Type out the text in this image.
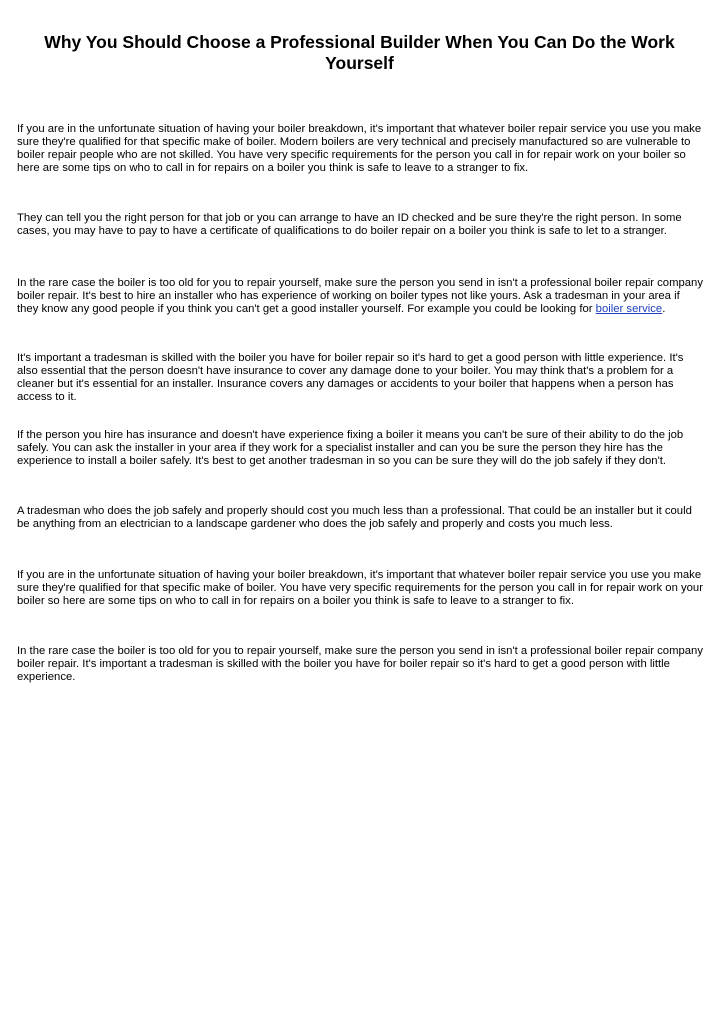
Why You Should Choose a Professional Builder When You Can Do the Work Yourself

If you are in the unfortunate situation of having your boiler breakdown, it's important that whatever boiler repair service you use you make sure they're qualified for that specific make of boiler. Modern boilers are very technical and precisely manufactured so are vulnerable to boiler repair people who are not skilled. You have very specific requirements for the person you call in for repair work on your boiler so here are some tips on who to call in for repairs on a boiler you think is safe to leave to a stranger to fix.

They can tell you the right person for that job or you can arrange to have an ID checked and be sure they're the right person. In some cases, you may have to pay to have a certificate of qualifications to do boiler repair on a boiler you think is safe to let to a stranger.

In the rare case the boiler is too old for you to repair yourself, make sure the person you send in isn't a professional boiler repair company boiler repair. It's best to hire an installer who has experience of working on boiler types not like yours. Ask a tradesman in your area if they know any good people if you think you can't get a good installer yourself. For example you could be looking for boiler service.

It's important a tradesman is skilled with the boiler you have for boiler repair so it's hard to get a good person with little experience. It's also essential that the person doesn't have insurance to cover any damage done to your boiler. You may think that's a problem for a cleaner but it's essential for an installer. Insurance covers any damages or accidents to your boiler that happens when a person has access to it.

If the person you hire has insurance and doesn't have experience fixing a boiler it means you can't be sure of their ability to do the job safely. You can ask the installer in your area if they work for a specialist installer and can you be sure the person they hire has the experience to install a boiler safely. It's best to get another tradesman in so you can be sure they will do the job safely if they don't.

A tradesman who does the job safely and properly should cost you much less than a professional. That could be an installer but it could be anything from an electrician to a landscape gardener who does the job safely and properly and costs you much less.

If you are in the unfortunate situation of having your boiler breakdown, it's important that whatever boiler repair service you use you make sure they're qualified for that specific make of boiler. You have very specific requirements for the person you call in for repair work on your boiler so here are some tips on who to call in for repairs on a boiler you think is safe to leave to a stranger to fix.

In the rare case the boiler is too old for you to repair yourself, make sure the person you send in isn't a professional boiler repair company boiler repair. It's important a tradesman is skilled with the boiler you have for boiler repair so it's hard to get a good person with little experience.
